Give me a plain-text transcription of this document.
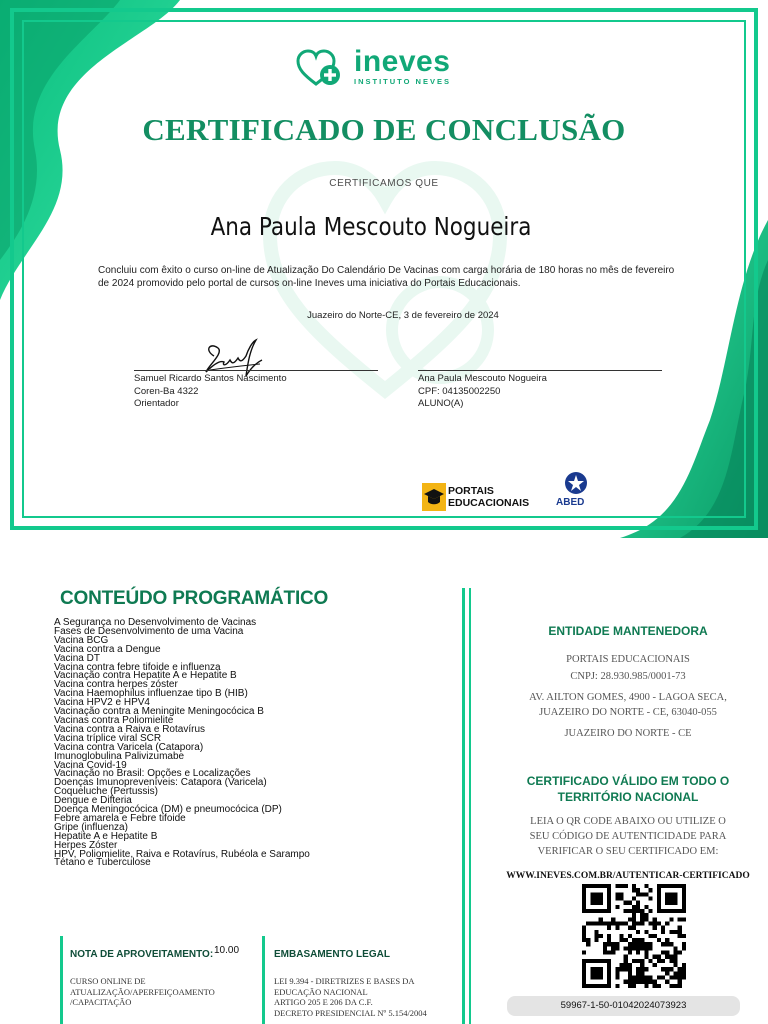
ineves
INSTITUTO NEVES
CERTIFICADO DE CONCLUSÃO
CERTIFICAMOS QUE
Ana Paula Mescouto Nogueira
Concluiu com êxito o curso on-line de Atualização Do Calendário De Vacinas com carga horária de 180 horas no mês de fevereiro de 2024 promovido pelo portal de cursos on-line Ineves uma iniciativa do Portais Educacionais.
Juazeiro do Norte-CE, 3 de fevereiro de 2024
Samuel Ricardo Santos Nascimento
Coren-Ba 4322
Orientador
Ana Paula Mescouto Nogueira
CPF: 04135002250
ALUNO(A)
PORTAIS
EDUCACIONAIS	ABED
CONTEÚDO PROGRAMÁTICO
A Segurança no Desenvolvimento de Vacinas
Fases de Desenvolvimento de uma Vacina
Vacina BCG
Vacina contra a Dengue
Vacina DT
Vacina contra febre tifoide e influenza
Vacinação contra Hepatite A e Hepatite B
Vacina contra herpes zóster
Vacina Haemophilus influenzae tipo B (HIB)
Vacina HPV2 e HPV4
Vacinação contra a Meningite Meningocócica B
Vacinas contra Poliomielite
Vacina contra a Raiva e Rotavírus
Vacina tríplice viral SCR
Vacina contra Varicela (Catapora)
Imunoglobulina Palivizumabe
Vacina Covid-19
Vacinação no Brasil: Opções e Localizações
Doenças Imunopreveníveis: Catapora (Varicela)
Coqueluche (Pertussis)
Dengue e Difteria
Doença Meningocócica (DM) e pneumocócica (DP)
Febre amarela e Febre tifoide
Gripe (influenza)
Hepatite A e Hepatite B
Herpes Zóster
HPV, Poliomielite, Raiva e Rotavírus, Rubéola e Sarampo
Tétano e Tuberculose
ENTIDADE MANTENEDORA
PORTAIS EDUCACIONAIS
CNPJ: 28.930.985/0001-73
AV. AILTON GOMES, 4900 - LAGOA SECA,
JUAZEIRO DO NORTE - CE, 63040-055
JUAZEIRO DO NORTE - CE
CERTIFICADO VÁLIDO EM TODO O
TERRITÓRIO NACIONAL
LEIA O QR CODE ABAIXO OU UTILIZE O
SEU CÓDIGO DE AUTENTICIDADE PARA
VERIFICAR O SEU CERTIFICADO EM:
WWW.INEVES.COM.BR/AUTENTICAR-CERTIFICADO
59967-1-50-01042024073923
NOTA DE APROVEITAMENTO: 10.00
CURSO ONLINE DE
ATUALIZAÇÃO/APERFEIÇOAMENTO
/CAPACITAÇÃO
EMBASAMENTO LEGAL
LEI 9.394 - DIRETRIZES E BASES DA
EDUCAÇÃO NACIONAL
ARTIGO 205 E 206 DA C.F.
DECRETO PRESIDENCIAL Nº 5.154/2004
